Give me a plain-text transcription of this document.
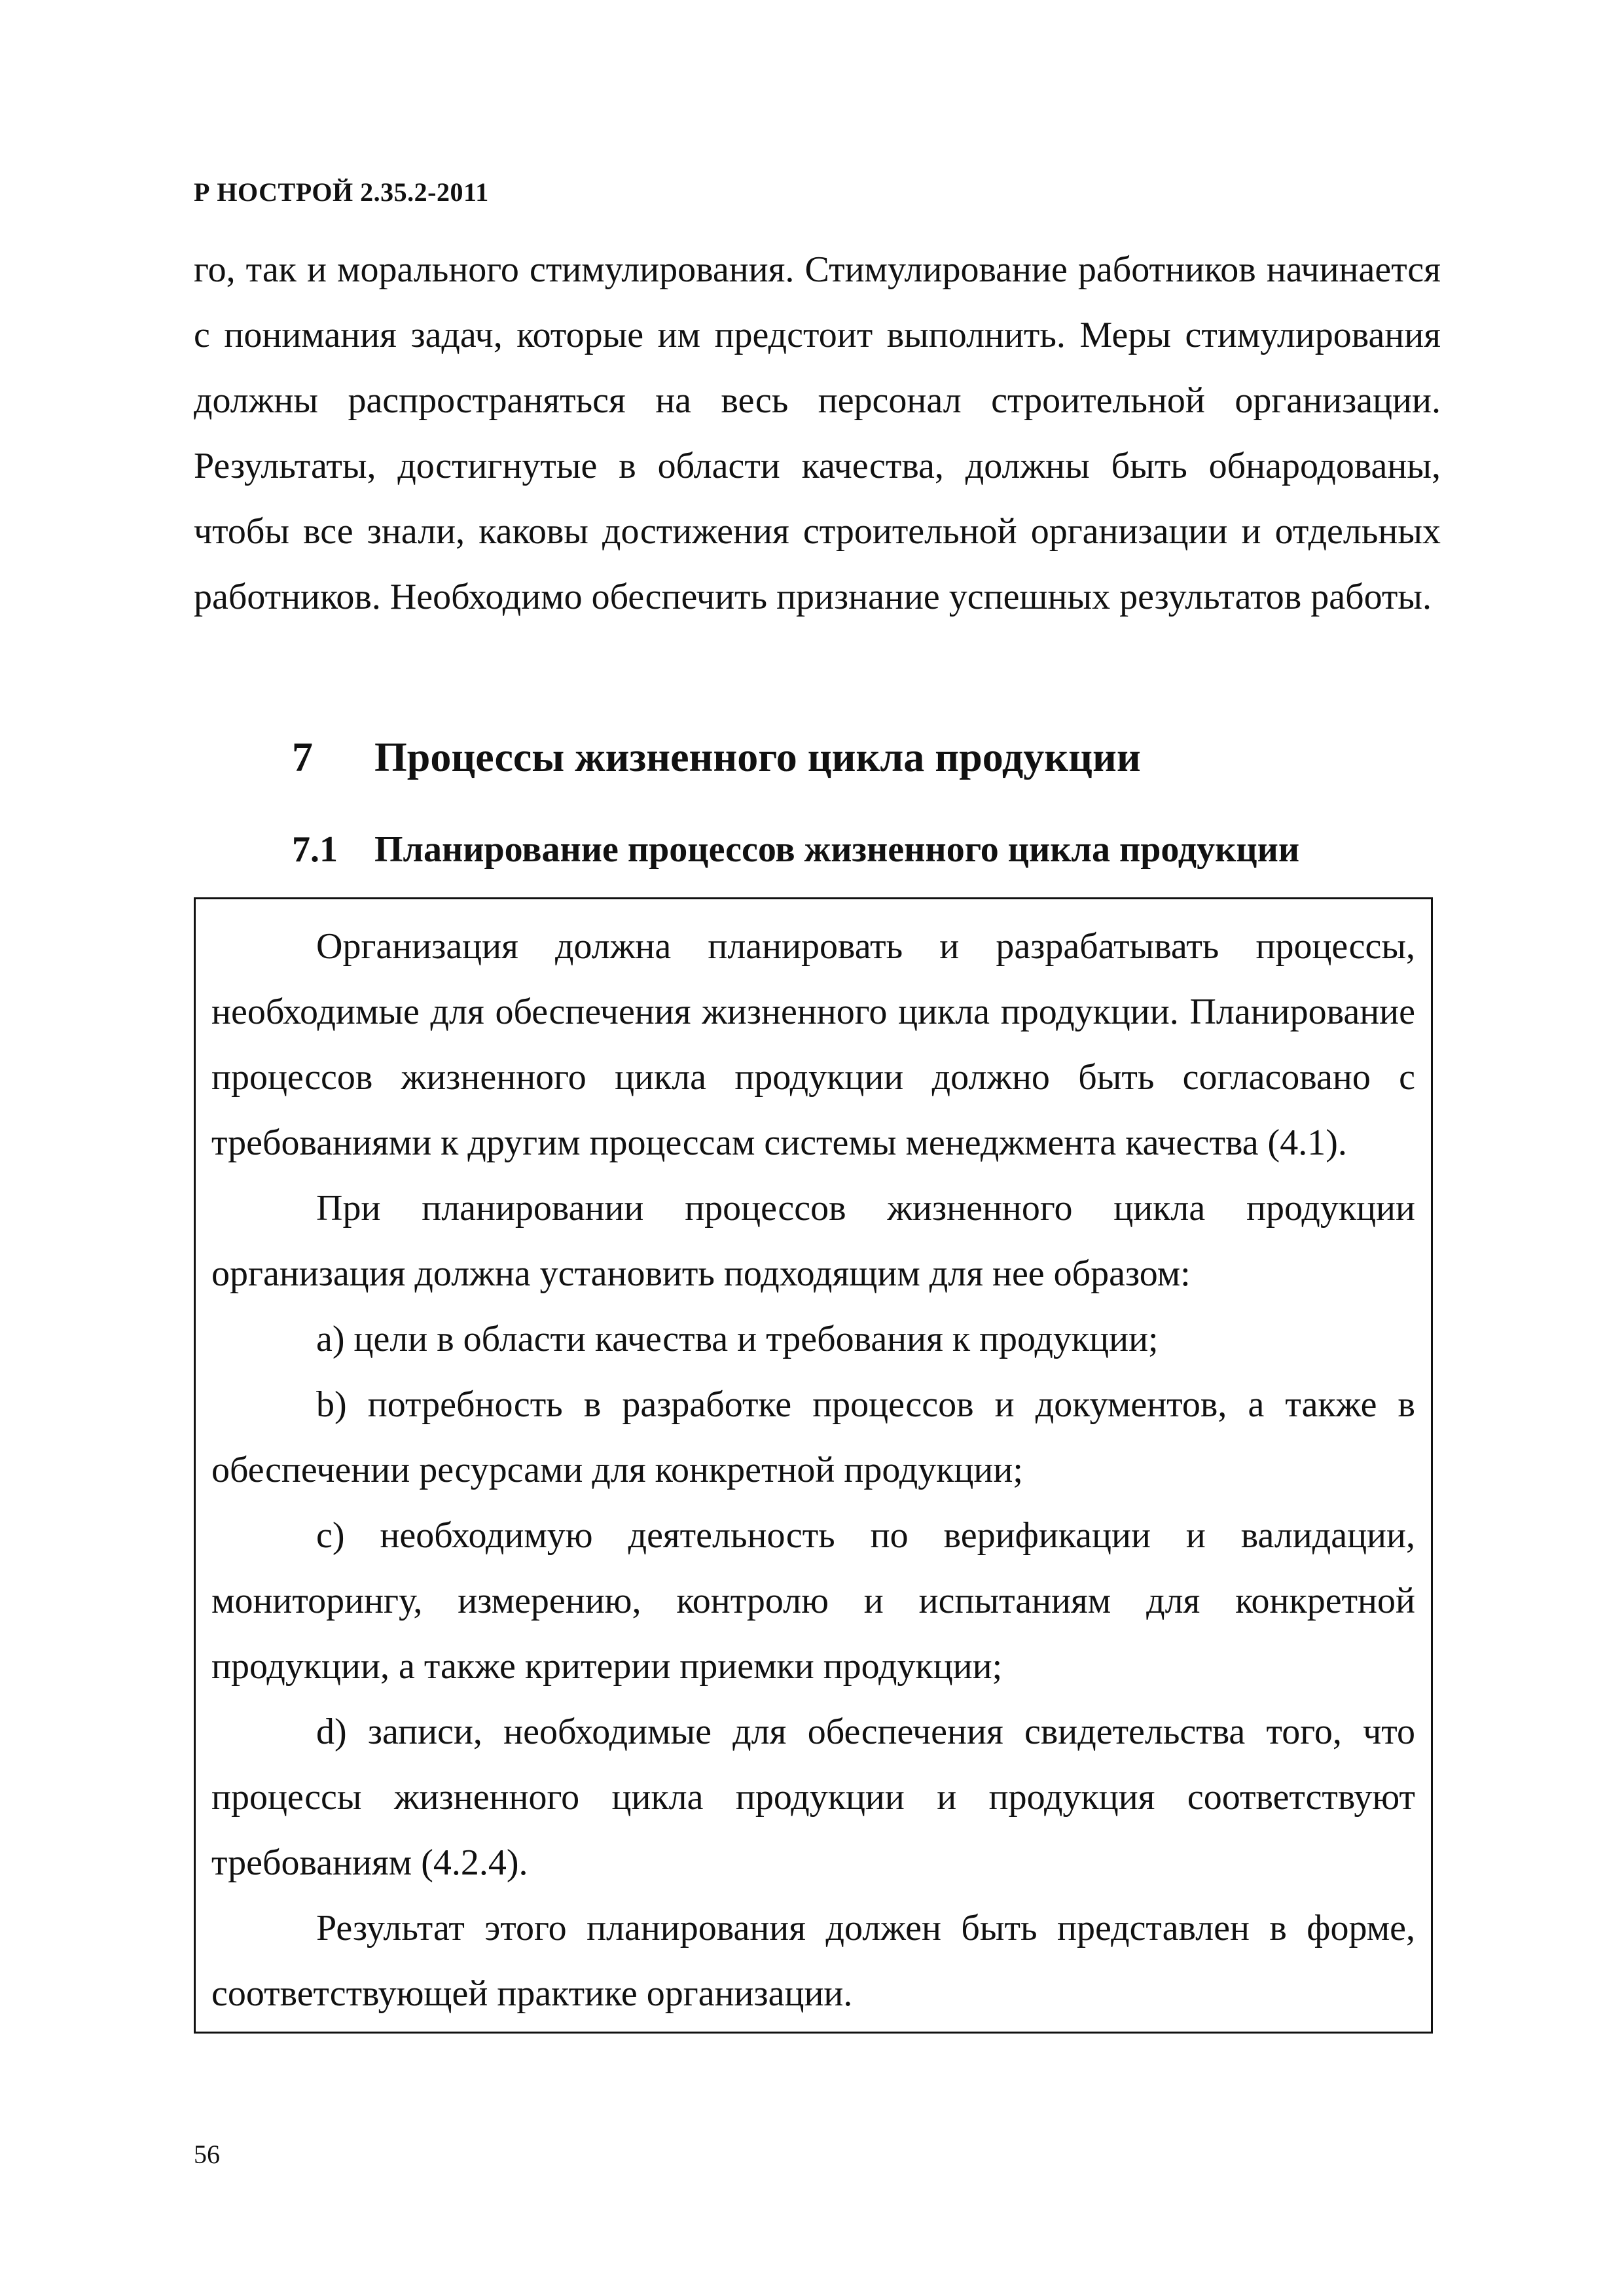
Р НОСТРОЙ 2.35.2-2011

го, так и морального стимулирования. Стимулирование работников начинается с понимания задач, которые им предстоит выполнить. Меры стимулирования должны распространяться на весь персонал строительной организации. Результаты, достигнутые в области качества, должны быть обнародованы, чтобы все знали, каковы достижения строительной организации и отдельных работников. Необходимо обеспечить признание успешных результатов работы.

7 Процессы жизненного цикла продукции
7.1 Планирование процессов жизненного цикла продукции

Организация должна планировать и разрабатывать процессы, необходимые для обеспечения жизненного цикла продукции. Планирование процессов жизненного цикла продукции должно быть согласовано с требованиями к другим процессам системы менеджмента качества (4.1).

При планировании процессов жизненного цикла продукции организация должна установить подходящим для нее образом:

а) цели в области качества и требования к продукции;

b) потребность в разработке процессов и документов, а также в обеспечении ресурсами для конкретной продукции;

с) необходимую деятельность по верификации и валидации, мониторингу, измерению, контролю и испытаниям для конкретной продукции, а также критерии приемки продукции;

d) записи, необходимые для обеспечения свидетельства того, что процессы жизненного цикла продукции и продукция соответствуют требованиям (4.2.4).

Результат этого планирования должен быть представлен в форме, соответствующей практике организации.

56
